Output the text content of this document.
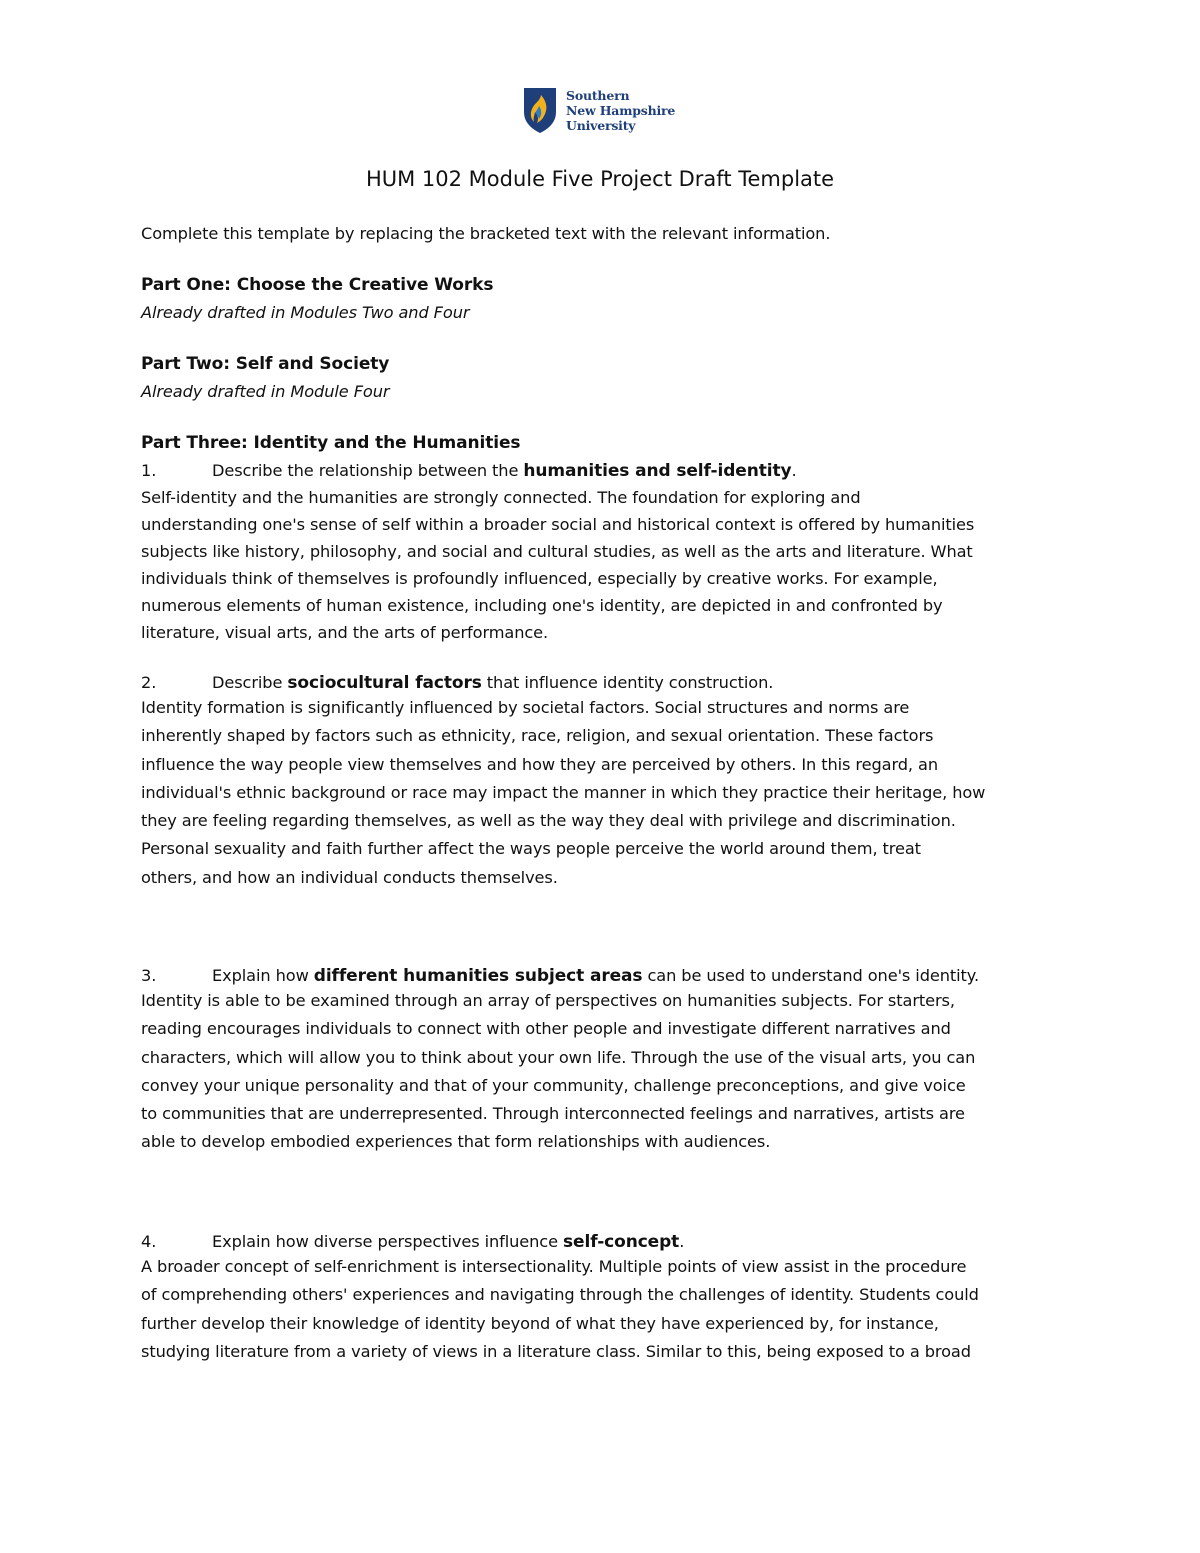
Southern
New Hampshire
University
HUM 102 Module Five Project Draft Template
Complete this template by replacing the bracketed text with the relevant information.
Part One: Choose the Creative Works
Already drafted in Modules Two and Four
Part Two: Self and Society
Already drafted in Module Four
Part Three: Identity and the Humanities
1.	Describe the relationship between the humanities and self-identity.
Self-identity and the humanities are strongly connected. The foundation for exploring and
understanding one's sense of self within a broader social and historical context is offered by humanities
subjects like history, philosophy, and social and cultural studies, as well as the arts and literature. What
individuals think of themselves is profoundly influenced, especially by creative works. For example,
numerous elements of human existence, including one's identity, are depicted in and confronted by
literature, visual arts, and the arts of performance.
2.	Describe sociocultural factors that influence identity construction.
Identity formation is significantly influenced by societal factors. Social structures and norms are
inherently shaped by factors such as ethnicity, race, religion, and sexual orientation. These factors
influence the way people view themselves and how they are perceived by others. In this regard, an
individual's ethnic background or race may impact the manner in which they practice their heritage, how
they are feeling regarding themselves, as well as the way they deal with privilege and discrimination.
Personal sexuality and faith further affect the ways people perceive the world around them, treat
others, and how an individual conducts themselves.
3.	Explain how different humanities subject areas can be used to understand one's identity.
Identity is able to be examined through an array of perspectives on humanities subjects. For starters,
reading encourages individuals to connect with other people and investigate different narratives and
characters, which will allow you to think about your own life. Through the use of the visual arts, you can
convey your unique personality and that of your community, challenge preconceptions, and give voice
to communities that are underrepresented. Through interconnected feelings and narratives, artists are
able to develop embodied experiences that form relationships with audiences.
4.	Explain how diverse perspectives influence self-concept.
A broader concept of self-enrichment is intersectionality. Multiple points of view assist in the procedure
of comprehending others' experiences and navigating through the challenges of identity. Students could
further develop their knowledge of identity beyond of what they have experienced by, for instance,
studying literature from a variety of views in a literature class. Similar to this, being exposed to a broad
